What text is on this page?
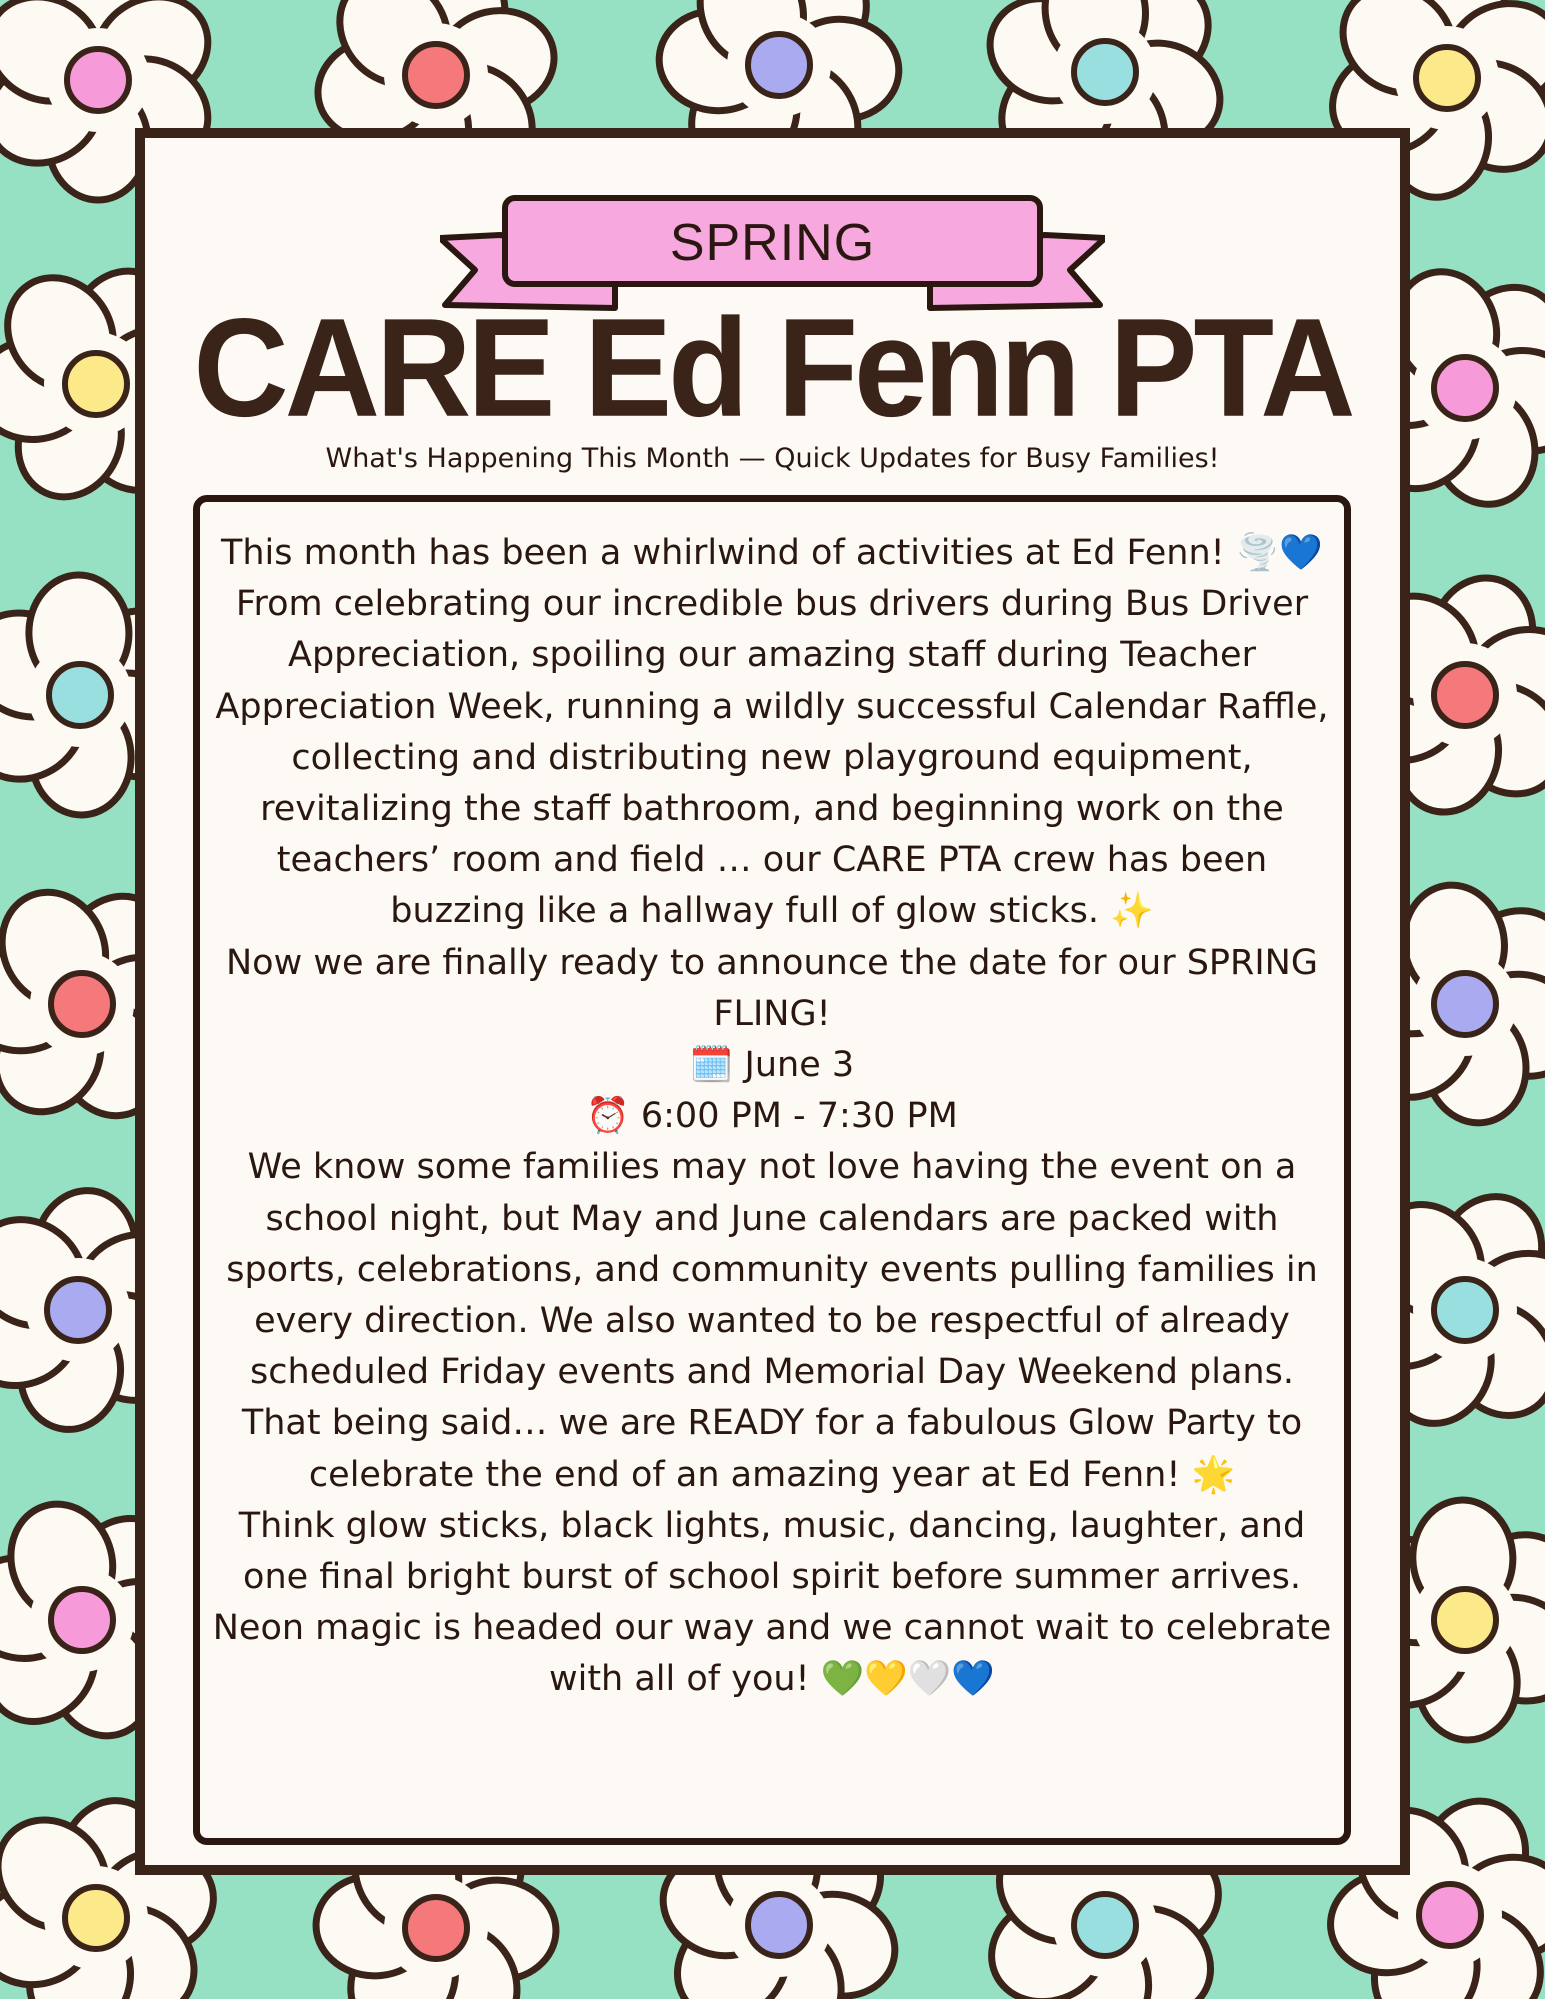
SPRING
CARE Ed Fenn PTA
What's Happening This Month — Quick Updates for Busy Families!

This month has been a whirlwind of activities at Ed Fenn! 🌪️💙

From celebrating our incredible bus drivers during Bus Driver Appreciation, spoiling our amazing staff during Teacher Appreciation Week, running a wildly successful Calendar Raffle, collecting and distributing new playground equipment, revitalizing the staff bathroom, and beginning work on the teachers’ room and field … our CARE PTA crew has been buzzing like a hallway full of glow sticks. ✨

Now we are finally ready to announce the date for our SPRING FLING!

🗓️ June 3

⏰ 6:00 PM - 7:30 PM

We know some families may not love having the event on a school night, but May and June calendars are packed with sports, celebrations, and community events pulling families in every direction. We also wanted to be respectful of already scheduled Friday events and Memorial Day Weekend plans.

That being said… we are READY for a fabulous Glow Party to celebrate the end of an amazing year at Ed Fenn! 🌟

Think glow sticks, black lights, music, dancing, laughter, and one final bright burst of school spirit before summer arrives.

Neon magic is headed our way and we cannot wait to celebrate with all of you! 💚💛🤍💙
